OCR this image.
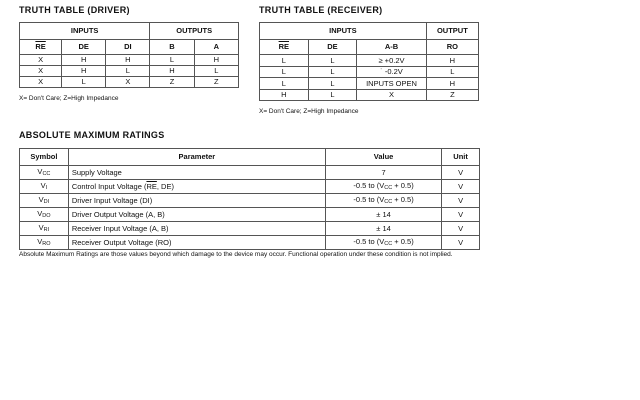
TRUTH TABLE (DRIVER)
INPUTS			OUTPUTS	
$\overline{RE}$	DE	DI	B	A
X	H	H	L	H
X	H	L	H	L
X	L	X	Z	Z
X= Don't Care; Z=High Impedance
TRUTH TABLE (RECEIVER)
INPUTS			OUTPUT
$\overline{RE}$	DE	A-B	RO
L	L	≥ +0.2V	H
L	L	˙ -0.2V	L
L	L	INPUTS OPEN	H
H	L	X	Z
X= Don't Care; Z=High Impedance
ABSOLUTE MAXIMUM RATINGS
Symbol	Parameter	Value	Unit
$V_{CC}$	Supply Voltage	7	V
$V_I$	Control Input Voltage ($\overline{RE}$, DE)	-0.5 to $(V_{CC} + 0.5)$	V
$V_{DI}$	Driver Input Voltage (DI)	-0.5 to $(V_{CC} + 0.5)$	V
$V_{DO}$	Driver Output Voltage (A, B)	± 14	V
$V_{RI}$	Receiver Input Voltage (A, B)	± 14	V
$V_{RO}$	Receiver Output Voltage (RO)	-0.5 to $(V_{CC} + 0.5)$	V
Absolute Maximum Ratings are those values beyond which damage to the device may occur. Functional operation under these condition is not implied.
